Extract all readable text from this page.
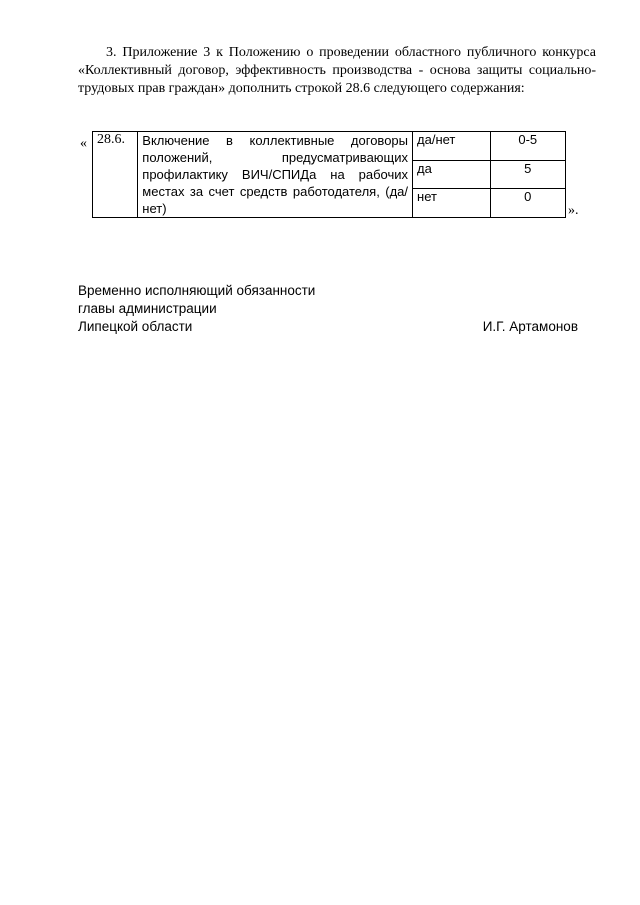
3. Приложение 3 к Положению о проведении областного публичного конкурса «Коллективный договор, эффективность производства - основа защиты социально-трудовых прав граждан» дополнить строкой 28.6 следующего содержания:

« 28.6.	Включение в коллективные договоры положений, предусматривающих профилактику ВИЧ/СПИДа на рабочих местах за счет средств работодателя, (да/нет)	да/нет	0-5
		да	5
		нет	0
».
Временно исполняющий обязанности
главы администрации
Липецкой области	И.Г. Артамонов
